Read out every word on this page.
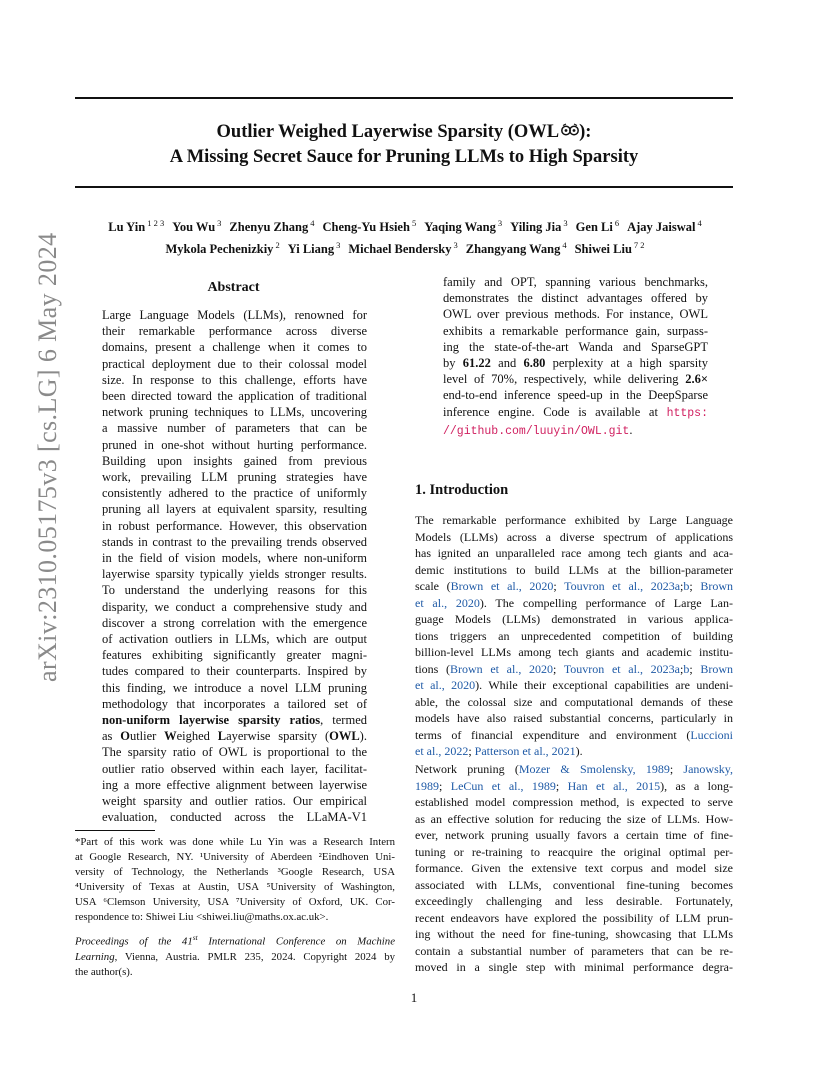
Outlier Weighed Layerwise Sparsity (OWL ):
A Missing Secret Sauce for Pruning LLMs to High Sparsity
Lu Yin $^{1 2 3}$ You Wu $^3$ Zhenyu Zhang $^4$ Cheng-Yu Hsieh $^5$ Yaqing Wang $^3$ Yiling Jia $^3$ Gen Li $^6$ Ajay Jaiswal $^4$
Mykola Pechenizkiy $^2$ Yi Liang $^3$ Michael Bendersky $^3$ Zhangyang Wang $^4$ Shiwei Liu $^{7 2}$
arXiv:2310.05175v3 [cs.LG] 6 May 2024	Abstract
Large Language Models (LLMs), renowned for
their remarkable performance across diverse
domains, present a challenge when it comes to
practical deployment due to their colossal model
size. In response to this challenge, efforts have
been directed toward the application of traditional
network pruning techniques to LLMs, uncovering
a massive number of parameters that can be
pruned in one-shot without hurting performance.
Building upon insights gained from previous
work, prevailing LLM pruning strategies have
consistently adhered to the practice of uniformly
pruning all layers at equivalent sparsity, resulting
in robust performance. However, this observation
stands in contrast to the prevailing trends observed
in the field of vision models, where non-uniform
layerwise sparsity typically yields stronger results.
To understand the underlying reasons for this
disparity, we conduct a comprehensive study and
discover a strong correlation with the emergence
of activation outliers in LLMs, which are output
features exhibiting significantly greater magni-
tudes compared to their counterparts. Inspired by
this finding, we introduce a novel LLM pruning
methodology that incorporates a tailored set of
non-uniform layerwise sparsity ratios, termed
as Outlier Weighed Layerwise sparsity (OWL).
The sparsity ratio of OWL is proportional to the
outlier ratio observed within each layer, facilitat-
ing a more effective alignment between layerwise
weight sparsity and outlier ratios. Our empirical
evaluation, conducted across the LLaMA-V1
family and OPT, spanning various benchmarks,
demonstrates the distinct advantages offered by
OWL over previous methods. For instance, OWL
exhibits a remarkable performance gain, surpass-
ing the state-of-the-art Wanda and SparseGPT
by 61.22 and 6.80 perplexity at a high sparsity
level of 70%, respectively, while delivering 2.6×
end-to-end inference speed-up in the DeepSparse
inference engine. Code is available at https:
//github.com/luuyin/OWL.git.
*Part of this work was done while Lu Yin was a Research Intern
at Google Research, NY. ¹University of Aberdeen ²Eindhoven Uni-
versity of Technology, the Netherlands ³Google Research, USA
⁴University of Texas at Austin, USA ⁵University of Washington,
USA ⁶Clemson University, USA ⁷University of Oxford, UK. Cor-
respondence to: Shiwei Liu <shiwei.liu@maths.ox.ac.uk>.
Proceedings of the 41st International Conference on Machine
Learning, Vienna, Austria. PMLR 235, 2024. Copyright 2024 by
the author(s).
1. Introduction
The remarkable performance exhibited by Large Language
Models (LLMs) across a diverse spectrum of applications
has ignited an unparalleled race among tech giants and aca-
demic institutions to build LLMs at the billion-parameter
scale (Brown et al., 2020; Touvron et al., 2023a;b; Brown
et al., 2020). The compelling performance of Large Lan-
guage Models (LLMs) demonstrated in various applica-
tions triggers an unprecedented competition of building
billion-level LLMs among tech giants and academic institu-
tions (Brown et al., 2020; Touvron et al., 2023a;b; Brown
et al., 2020). While their exceptional capabilities are undeni-
able, the colossal size and computational demands of these
models have also raised substantial concerns, particularly in
terms of financial expenditure and environment (Luccioni
et al., 2022; Patterson et al., 2021).
Network pruning (Mozer & Smolensky, 1989; Janowsky,
1989; LeCun et al., 1989; Han et al., 2015), as a long-
established model compression method, is expected to serve
as an effective solution for reducing the size of LLMs. How-
ever, network pruning usually favors a certain time of fine-
tuning or re-training to reacquire the original optimal per-
formance. Given the extensive text corpus and model size
associated with LLMs, conventional fine-tuning becomes
exceedingly challenging and less desirable. Fortunately,
recent endeavors have explored the possibility of LLM prun-
ing without the need for fine-tuning, showcasing that LLMs
contain a substantial number of parameters that can be re-
moved in a single step with minimal performance degra-
1
